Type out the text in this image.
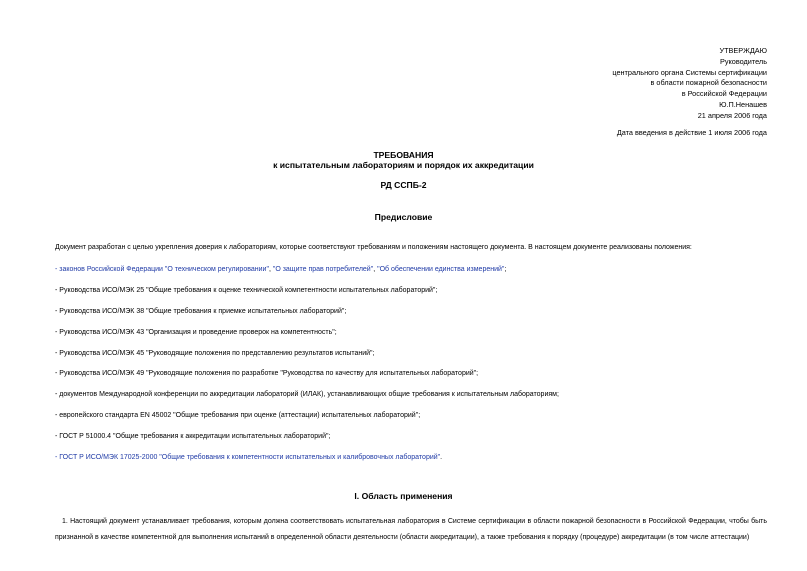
УТВЕРЖДАЮ
Руководитель
центрального органа Системы сертификации
в области пожарной безопасности
в Российской Федерации
Ю.П.Ненашев
21 апреля 2006 года
Дата введения в действие 1 июля 2006 года
ТРЕБОВАНИЯ
к испытательным лабораториям и порядок их аккредитации
РД ССПБ-2
Предисловие
Документ разработан с целью укрепления доверия к лабораториям, которые соответствуют требованиям и положениям настоящего документа. В настоящем документе реализованы положения:
- законов Российской Федерации "О техническом регулировании", "О защите прав потребителей", "Об обеспечении единства измерений";
- Руководства ИСО/МЭК 25 "Общие требования к оценке технической компетентности испытательных лабораторий";
- Руководства ИСО/МЭК 38 "Общие требования к приемке испытательных лабораторий";
- Руководства ИСО/МЭК 43 "Организация и проведение проверок на компетентность";
- Руководства ИСО/МЭК 45 "Руководящие положения по представлению результатов испытаний";
- Руководства ИСО/МЭК 49 "Руководящие положения по разработке "Руководства по качеству для испытательных лабораторий";
- документов Международной конференции по аккредитации лабораторий (ИЛАК), устанавливающих общие требования к испытательным лабораториям;
- европейского стандарта EN 45002 "Общие требования при оценке (аттестации) испытательных лабораторий";
- ГОСТ Р 51000.4 "Общие требования к аккредитации испытательных лабораторий";
- ГОСТ Р ИСО/МЭК 17025-2000 "Общие требования к компетентности испытательных и калибровочных лабораторий".
I. Область применения
1. Настоящий документ устанавливает требования, которым должна соответствовать испытательная лаборатория в Системе сертификации в области пожарной безопасности в Российской Федерации, чтобы быть признанной в качестве компетентной для выполнения испытаний в определенной области деятельности (области аккредитации), а также требования к порядку (процедуре) аккредитации (в том числе аттестации)
